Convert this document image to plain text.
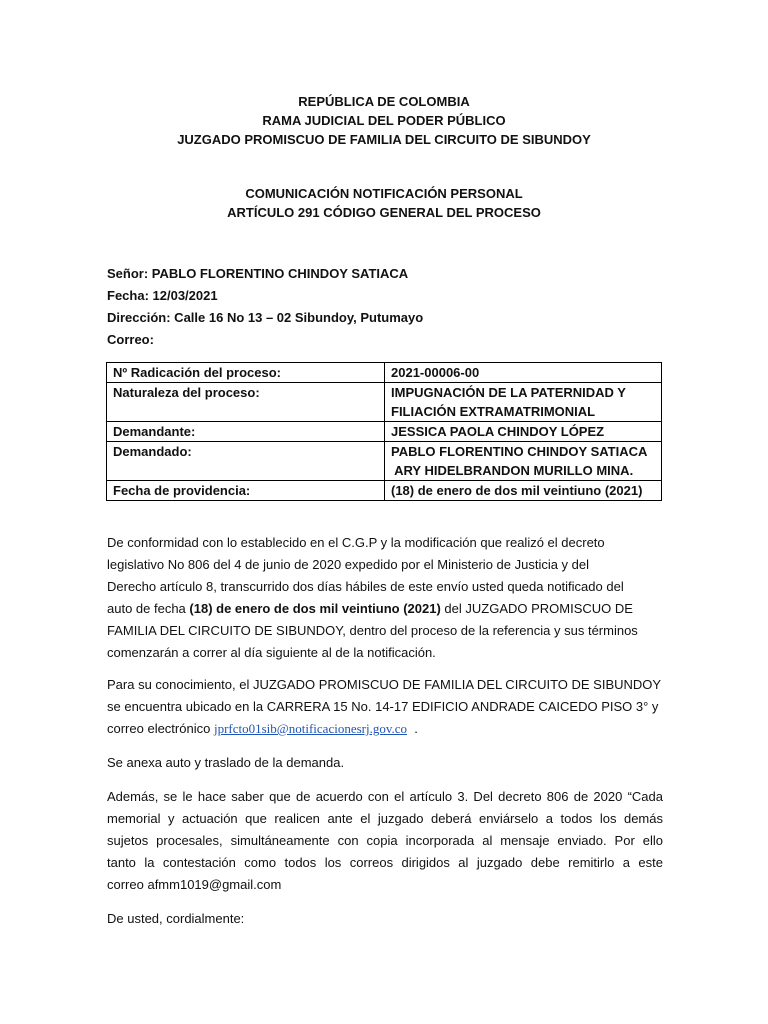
REPÚBLICA DE COLOMBIA
RAMA JUDICIAL DEL PODER PÚBLICO
JUZGADO PROMISCUO DE FAMILIA DEL CIRCUITO DE SIBUNDOY
COMUNICACIÓN NOTIFICACIÓN PERSONAL
ARTÍCULO 291 CÓDIGO GENERAL DEL PROCESO
Señor: PABLO FLORENTINO CHINDOY SATIACA
Fecha: 12/03/2021
Dirección: Calle 16 No 13 – 02 Sibundoy, Putumayo
Correo:
Nº Radicación del proceso:	2021-00006-00
Naturaleza del proceso:	IMPUGNACIÓN DE LA PATERNIDAD Y
FILIACIÓN EXTRAMATRIMONIAL

Demandante:	JESSICA PAOLA CHINDOY LÓPEZ
Demandado:	PABLO FLORENTINO CHINDOY SATIACA
ARY HIDELBRANDON MURILLO MINA.

Fecha de providencia:	(18) de enero de dos mil veintiuno (2021)
De conformidad con lo establecido en el C.G.P y la modificación que realizó el decreto
legislativo No 806 del 4 de junio de 2020 expedido por el Ministerio de Justicia y del
Derecho artículo 8, transcurrido dos días hábiles de este envío usted queda notificado del
auto de fecha (18) de enero de dos mil veintiuno (2021) del JUZGADO PROMISCUO DE
FAMILIA DEL CIRCUITO DE SIBUNDOY, dentro del proceso de la referencia y sus términos
comenzarán a correr al día siguiente al de la notificación.
Para su conocimiento, el JUZGADO PROMISCUO DE FAMILIA DEL CIRCUITO DE SIBUNDOY
se encuentra ubicado en la CARRERA 15 No. 14-17 EDIFICIO ANDRADE CAICEDO PISO 3° y
correo electrónico jprfcto01sib@notificacionesrj.gov.co  .
Se anexa auto y traslado de la demanda.
Además, se le hace saber que de acuerdo con el artículo 3. Del decreto 806 de 2020 “Cada
memorial y actuación que realicen ante el juzgado deberá enviárselo a todos los demás
sujetos procesales, simultáneamente con copia incorporada al mensaje enviado. Por ello
tanto la contestación como todos los correos dirigidos al juzgado debe remitirlo a este
correo afmm1019@gmail.com
De usted, cordialmente:
